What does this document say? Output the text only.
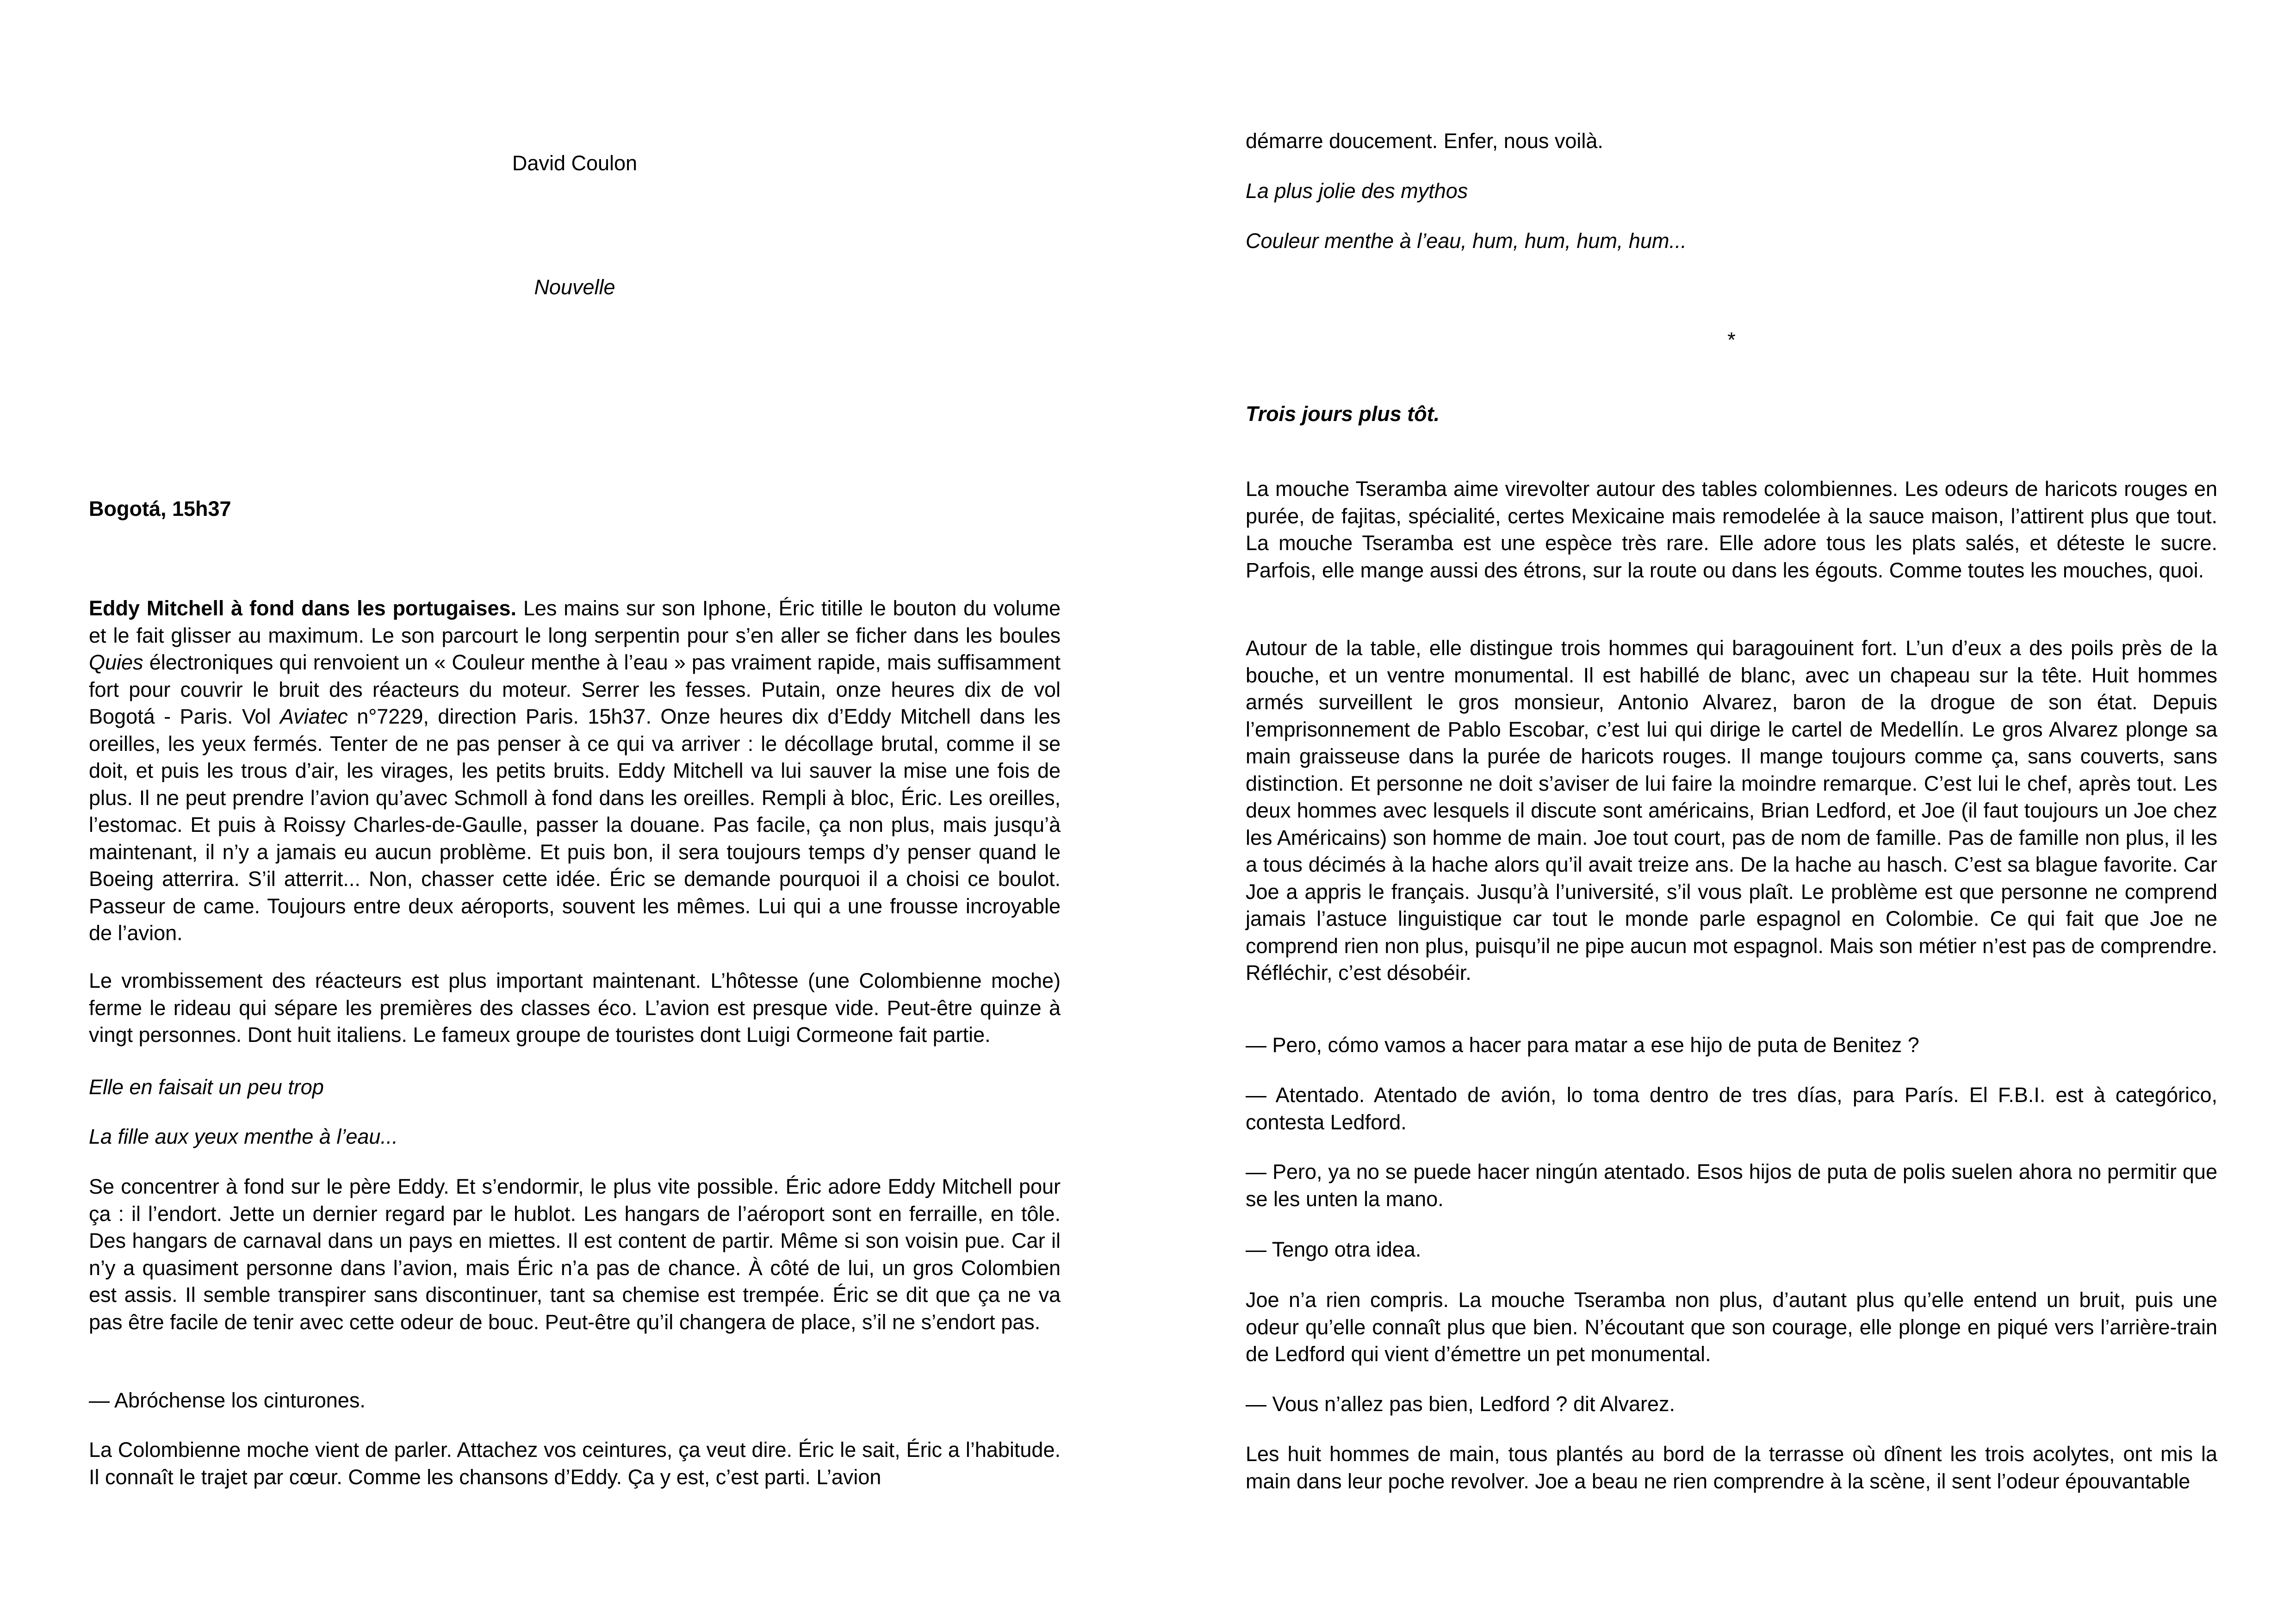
David Coulon
Nouvelle
Bogotá, 15h37

Eddy Mitchell à fond dans les portugaises. Les mains sur son Iphone, Éric titille le bouton du volume et le fait glisser au maximum. Le son parcourt le long serpentin pour s’en aller se ficher dans les boules Quies électroniques qui renvoient un « Couleur menthe à l’eau » pas vraiment rapide, mais suffisamment fort pour couvrir le bruit des réacteurs du moteur. Serrer les fesses. Putain, onze heures dix de vol Bogotá - Paris. Vol Aviatec n°7229, direction Paris. 15h37. Onze heures dix d’Eddy Mitchell dans les oreilles, les yeux fermés. Tenter de ne pas penser à ce qui va arriver : le décollage brutal, comme il se doit, et puis les trous d’air, les virages, les petits bruits. Eddy Mitchell va lui sauver la mise une fois de plus. Il ne peut prendre l’avion qu’avec Schmoll à fond dans les oreilles. Rempli à bloc, Éric. Les oreilles, l’estomac. Et puis à Roissy Charles-de-Gaulle, passer la douane. Pas facile, ça non plus, mais jusqu’à maintenant, il n’y a jamais eu aucun problème. Et puis bon, il sera toujours temps d’y penser quand le Boeing atterrira. S’il atterrit... Non, chasser cette idée. Éric se demande pourquoi il a choisi ce boulot. Passeur de came. Toujours entre deux aéroports, souvent les mêmes. Lui qui a une frousse incroyable de l’avion.

Le vrombissement des réacteurs est plus important maintenant. L’hôtesse (une Colombienne moche) ferme le rideau qui sépare les premières des classes éco. L’avion est presque vide. Peut-être quinze à vingt personnes. Dont huit italiens. Le fameux groupe de touristes dont Luigi Cormeone fait partie.

Elle en faisait un peu trop
La fille aux yeux menthe à l’eau...

Se concentrer à fond sur le père Eddy. Et s’endormir, le plus vite possible. Éric adore Eddy Mitchell pour ça : il l’endort. Jette un dernier regard par le hublot. Les hangars de l’aéroport sont en ferraille, en tôle. Des hangars de carnaval dans un pays en miettes. Il est content de partir. Même si son voisin pue. Car il n’y a quasiment personne dans l’avion, mais Éric n’a pas de chance. À côté de lui, un gros Colombien est assis. Il semble transpirer sans discontinuer, tant sa chemise est trempée. Éric se dit que ça ne va pas être facile de tenir avec cette odeur de bouc. Peut-être qu’il changera de place, s’il ne s’endort pas.

— Abróchense los cinturones.

La Colombienne moche vient de parler. Attachez vos ceintures, ça veut dire. Éric le sait, Éric a l’habitude. Il connaît le trajet par cœur. Comme les chansons d’Eddy. Ça y est, c’est parti. L’avion

démarre doucement. Enfer, nous voilà.
La plus jolie des mythos
Couleur menthe à l’eau, hum, hum, hum, hum...
*
Trois jours plus tôt.

La mouche Tseramba aime virevolter autour des tables colombiennes. Les odeurs de haricots rouges en purée, de fajitas, spécialité, certes Mexicaine mais remodelée à la sauce maison, l’attirent plus que tout. La mouche Tseramba est une espèce très rare. Elle adore tous les plats salés, et déteste le sucre. Parfois, elle mange aussi des étrons, sur la route ou dans les égouts. Comme toutes les mouches, quoi.

Autour de la table, elle distingue trois hommes qui baragouinent fort. L’un d’eux a des poils près de la bouche, et un ventre monumental. Il est habillé de blanc, avec un chapeau sur la tête. Huit hommes armés surveillent le gros monsieur, Antonio Alvarez, baron de la drogue de son état. Depuis l’emprisonnement de Pablo Escobar, c’est lui qui dirige le cartel de Medellín. Le gros Alvarez plonge sa main graisseuse dans la purée de haricots rouges. Il mange toujours comme ça, sans couverts, sans distinction. Et personne ne doit s’aviser de lui faire la moindre remarque. C’est lui le chef, après tout. Les deux hommes avec lesquels il discute sont américains, Brian Ledford, et Joe (il faut toujours un Joe chez les Américains) son homme de main. Joe tout court, pas de nom de famille. Pas de famille non plus, il les a tous décimés à la hache alors qu’il avait treize ans. De la hache au hasch. C’est sa blague favorite. Car Joe a appris le français. Jusqu’à l’université, s’il vous plaît. Le problème est que personne ne comprend jamais l’astuce linguistique car tout le monde parle espagnol en Colombie. Ce qui fait que Joe ne comprend rien non plus, puisqu’il ne pipe aucun mot espagnol. Mais son métier n’est pas de comprendre. Réfléchir, c’est désobéir.

— Pero, cómo vamos a hacer para matar a ese hijo de puta de Benitez ?

— Atentado. Atentado de avión, lo toma dentro de tres días, para París. El F.B.I. est à categórico, contesta Ledford.

— Pero, ya no se puede hacer ningún atentado. Esos hijos de puta de polis suelen ahora no permitir que se les unten la mano.

— Tengo otra idea.

Joe n’a rien compris. La mouche Tseramba non plus, d’autant plus qu’elle entend un bruit, puis une odeur qu’elle connaît plus que bien. N’écoutant que son courage, elle plonge en piqué vers l’arrière-train de Ledford qui vient d’émettre un pet monumental.

— Vous n’allez pas bien, Ledford ? dit Alvarez.

Les huit hommes de main, tous plantés au bord de la terrasse où dînent les trois acolytes, ont mis la main dans leur poche revolver. Joe a beau ne rien comprendre à la scène, il sent l’odeur épouvantable
